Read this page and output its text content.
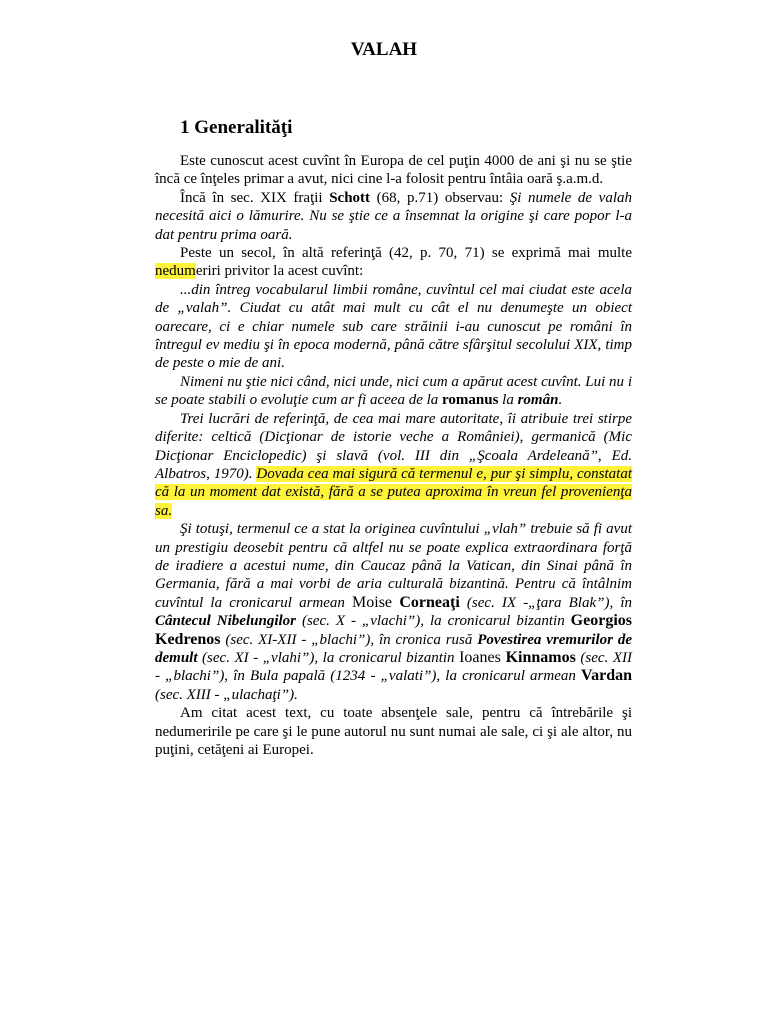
VALAH
1 Generalităţi

Este cunoscut acest cuvînt în Europa de cel puţin 4000 de ani şi nu se ştie încă ce înţeles primar a avut, nici cine l-a folosit pentru întâia oară ş.a.m.d.

Încă în sec. XIX fraţii Schott (68, p.71) observau: Şi numele de valah necesită aici o lămurire. Nu se ştie ce a însemnat la origine şi care popor l-a dat pentru prima oară.

Peste un secol, în altă referinţă (42, p. 70, 71) se exprimă mai multe nedumeriri privitor la acest cuvînt:

...din întreg vocabularul limbii române, cuvîntul cel mai ciudat este acela de „valah”. Ciudat cu atât mai mult cu cât el nu denumeşte un obiect oarecare, ci e chiar numele sub care străinii i-au cunoscut pe români în întregul ev mediu şi în epoca modernă, până către sfârşitul secolului XIX, timp de peste o mie de ani.

Nimeni nu ştie nici când, nici unde, nici cum a apărut acest cuvînt. Lui nu i se poate stabili o evoluţie cum ar fi aceea de la romanus la român.

Trei lucrări de referinţă, de cea mai mare autoritate, îi atribuie trei stirpe diferite: celtică (Dicţionar de istorie veche a României), germanică (Mic Dicţionar Enciclopedic) şi slavă (vol. III din „Şcoala Ardeleană”, Ed. Albatros, 1970). Dovada cea mai sigură că termenul e, pur şi simplu, constatat că la un moment dat există, fără a se putea aproxima în vreun fel provenienţa sa.

Şi totuşi, termenul ce a stat la originea cuvîntului „vlah” trebuie să fi avut un prestigiu deosebit pentru că altfel nu se poate explica extraordinara forţă de iradiere a acestui nume, din Caucaz până la Vatican, din Sinai până în Germania, fără a mai vorbi de aria culturală bizantină. Pentru că întâlnim cuvîntul la cronicarul armean Moise Corneaţi (sec. IX -„ţara Blak”), în Cântecul Nibelungilor (sec. X - „vlachi”), la cronicarul bizantin Georgios Kedrenos (sec. XI-XII - „blachi”), în cronica rusă Povestirea vremurilor de demult (sec. XI - „vlahi”), la cronicarul bizantin Ioanes Kinnamos (sec. XII - „blachi”), în Bula papală (1234 - „valati”), la cronicarul armean Vardan (sec. XIII - „ulachaţi”).

Am citat acest text, cu toate absenţele sale, pentru că întrebările şi nedumeririle pe care şi le pune autorul nu sunt numai ale sale, ci şi ale altor, nu puţini, cetăţeni ai Europei.
